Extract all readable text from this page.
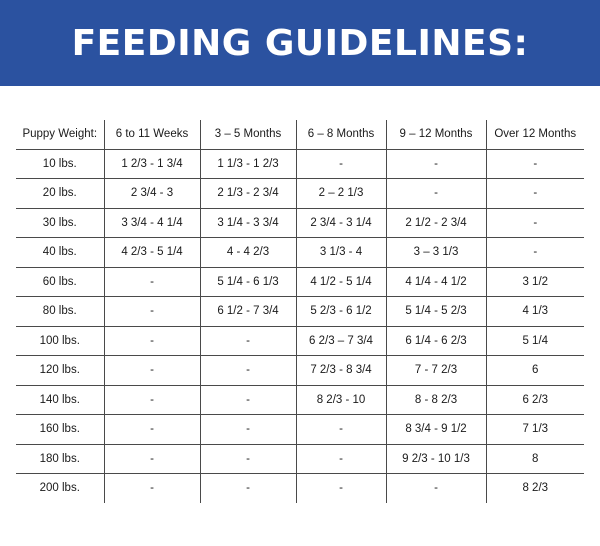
FEEDING GUIDELINES:
Puppy Weight:	6 to 11 Weeks	3 – 5 Months	6 – 8 Months	9 – 12 Months	Over 12 Months
10 lbs.	1 2/3 - 1 3/4	1 1/3 - 1 2/3	-	-	-
20 lbs.	2 3/4 - 3	2 1/3 - 2 3/4	2 – 2 1/3	-	-
30 lbs.	3 3/4 - 4 1/4	3 1/4 - 3 3/4	2 3/4 - 3 1/4	2 1/2 - 2 3/4	-
40 lbs.	4 2/3 - 5 1/4	4 - 4 2/3	3 1/3 - 4	3 – 3 1/3	-
60 lbs.	-	5 1/4 - 6 1/3	4 1/2 - 5 1/4	4 1/4 - 4 1/2	3 1/2
80 lbs.	-	6 1/2 - 7 3/4	5 2/3 - 6 1/2	5 1/4 - 5 2/3	4 1/3
100 lbs.	-	-	6 2/3 – 7 3/4	6 1/4 - 6 2/3	5 1/4
120 lbs.	-	-	7 2/3 - 8 3/4	7 - 7 2/3	6
140 lbs.	-	-	8 2/3 - 10	8 - 8 2/3	6 2/3
160 lbs.	-	-	-	8 3/4 - 9 1/2	7 1/3
180 lbs.	-	-	-	9 2/3 - 10 1/3	8
200 lbs.	-	-	-	-	8 2/3
